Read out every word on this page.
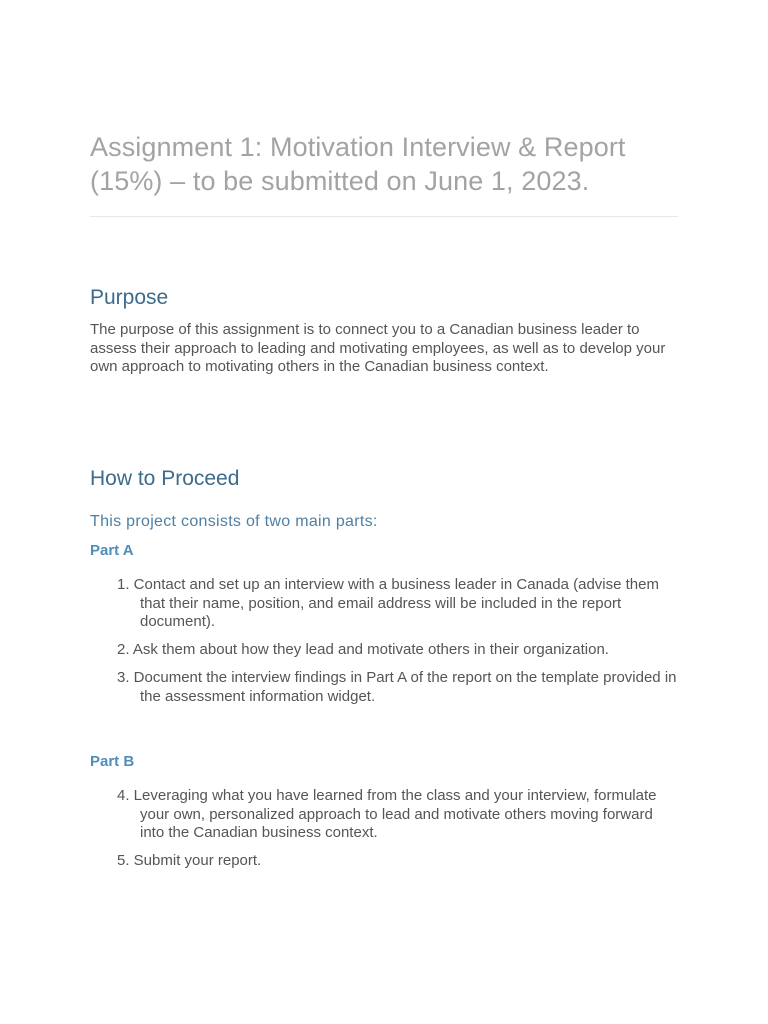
Assignment 1: Motivation Interview & Report (15%) – to be submitted on June 1, 2023.
Purpose

The purpose of this assignment is to connect you to a Canadian business leader to assess their approach to leading and motivating employees, as well as to develop your own approach to motivating others in the Canadian business context.

How to Proceed

This project consists of two main parts:

Part A

1. Contact and set up an interview with a business leader in Canada (advise them that their name, position, and email address will be included in the report document).

2. Ask them about how they lead and motivate others in their organization.

3. Document the interview findings in Part A of the report on the template provided in the assessment information widget.

Part B

4. Leveraging what you have learned from the class and your interview, formulate your own, personalized approach to lead and motivate others moving forward into the Canadian business context.

5. Submit your report.
